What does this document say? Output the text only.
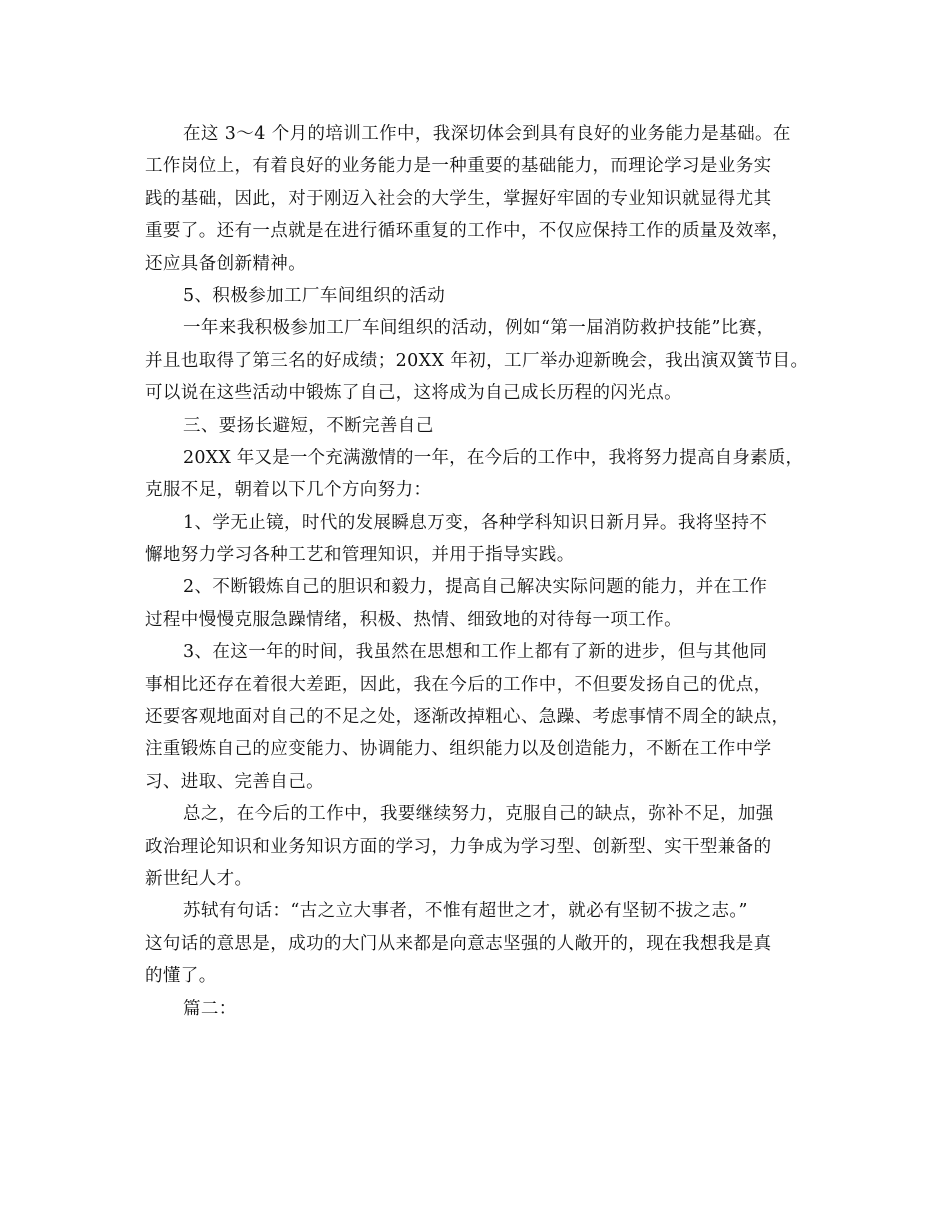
在这 3～4 个月的培训工作中，我深切体会到具有良好的业务能力是基础。在
工作岗位上，有着良好的业务能力是一种重要的基础能力，而理论学习是业务实
践的基础，因此，对于刚迈入社会的大学生，掌握好牢固的专业知识就显得尤其
重要了。还有一点就是在进行循环重复的工作中，不仅应保持工作的质量及效率，
还应具备创新精神。
5、积极参加工厂车间组织的活动
一年来我积极参加工厂车间组织的活动，例如“第一届消防救护技能”比赛，
并且也取得了第三名的好成绩；20XX 年初，工厂举办迎新晚会，我出演双簧节目。
可以说在这些活动中锻炼了自己，这将成为自己成长历程的闪光点。
三、要扬长避短，不断完善自己
20XX 年又是一个充满激情的一年，在今后的工作中，我将努力提高自身素质，
克服不足，朝着以下几个方向努力：
1、学无止镜，时代的发展瞬息万变，各种学科知识日新月异。我将坚持不
懈地努力学习各种工艺和管理知识，并用于指导实践。
2、不断锻炼自己的胆识和毅力，提高自己解决实际问题的能力，并在工作
过程中慢慢克服急躁情绪，积极、热情、细致地的对待每一项工作。
3、在这一年的时间，我虽然在思想和工作上都有了新的进步，但与其他同
事相比还存在着很大差距，因此，我在今后的工作中，不但要发扬自己的优点，
还要客观地面对自己的不足之处，逐渐改掉粗心、急躁、考虑事情不周全的缺点，
注重锻炼自己的应变能力、协调能力、组织能力以及创造能力，不断在工作中学
习、进取、完善自己。
总之，在今后的工作中，我要继续努力，克服自己的缺点，弥补不足，加强
政治理论知识和业务知识方面的学习，力争成为学习型、创新型、实干型兼备的
新世纪人才。
苏轼有句话：“古之立大事者，不惟有超世之才，就必有坚韧不拔之志。”
这句话的意思是，成功的大门从来都是向意志坚强的人敞开的，现在我想我是真
的懂了。
篇二：
